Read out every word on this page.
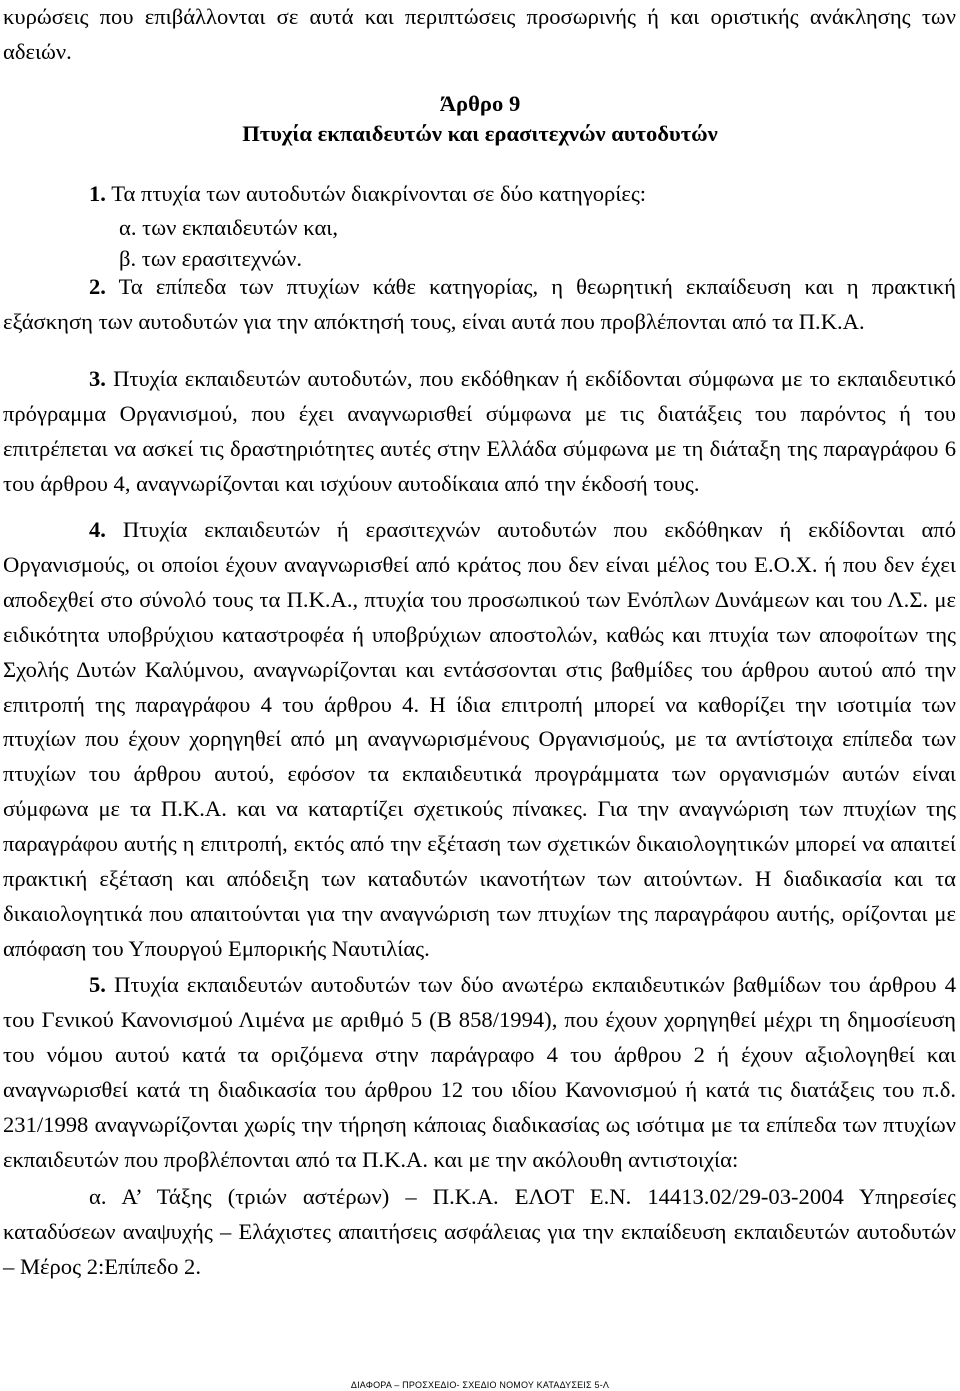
κυρώσεις που επιβάλλονται σε αυτά και περιπτώσεις προσωρινής ή και οριστικής ανάκλησης των αδειών.

Άρθρο 9

Πτυχία εκπαιδευτών και ερασιτεχνών αυτοδυτών

1. Τα πτυχία των αυτοδυτών διακρίνονται σε δύο κατηγορίες:

α. των εκπαιδευτών και,

β. των ερασιτεχνών.

2. Τα επίπεδα των πτυχίων κάθε κατηγορίας, η θεωρητική εκπαίδευση και η πρακτική εξάσκηση των αυτοδυτών για την απόκτησή τους, είναι αυτά που προβλέπονται από τα Π.Κ.Α.

3. Πτυχία εκπαιδευτών αυτοδυτών, που εκδόθηκαν ή εκδίδονται σύμφωνα με το εκπαιδευτικό πρόγραμμα Οργανισμού, που έχει αναγνωρισθεί σύμφωνα με τις διατάξεις του παρόντος ή του επιτρέπεται να ασκεί τις δραστηριότητες αυτές στην Ελλάδα σύμφωνα με τη διάταξη της παραγράφου 6 του άρθρου 4, αναγνωρίζονται και ισχύουν αυτοδίκαια από την έκδοσή τους.

4. Πτυχία εκπαιδευτών ή ερασιτεχνών αυτοδυτών που εκδόθηκαν ή εκδίδονται από Οργανισμούς, οι οποίοι έχουν αναγνωρισθεί από κράτος που δεν είναι μέλος του Ε.Ο.Χ. ή που δεν έχει αποδεχθεί στο σύνολό τους τα Π.Κ.Α., πτυχία του προσωπικού των Ενόπλων Δυνάμεων και του Λ.Σ. με ειδικότητα υποβρύχιου καταστροφέα ή υποβρύχιων αποστολών, καθώς και πτυχία των αποφοίτων της Σχολής Δυτών Καλύμνου, αναγνωρίζονται και εντάσσονται στις βαθμίδες του άρθρου αυτού από την επιτροπή της παραγράφου 4 του άρθρου 4. Η ίδια επιτροπή μπορεί να καθορίζει την ισοτιμία των πτυχίων που έχουν χορηγηθεί από μη αναγνωρισμένους Οργανισμούς, με τα αντίστοιχα επίπεδα των πτυχίων του άρθρου αυτού, εφόσον τα εκπαιδευτικά προγράμματα των οργανισμών αυτών είναι σύμφωνα με τα Π.Κ.Α. και να καταρτίζει σχετικούς πίνακες. Για την αναγνώριση των πτυχίων της παραγράφου αυτής η επιτροπή, εκτός από την εξέταση των σχετικών δικαιολογητικών μπορεί να απαιτεί πρακτική εξέταση και απόδειξη των καταδυτών ικανοτήτων των αιτούντων. Η διαδικασία και τα δικαιολογητικά που απαιτούνται για την αναγνώριση των πτυχίων της παραγράφου αυτής, ορίζονται με απόφαση του Υπουργού Εμπορικής Ναυτιλίας.

5. Πτυχία εκπαιδευτών αυτοδυτών των δύο ανωτέρω εκπαιδευτικών βαθμίδων του άρθρου 4 του Γενικού Κανονισμού Λιμένα με αριθμό 5 (Β 858/1994), που έχουν χορηγηθεί μέχρι τη δημοσίευση του νόμου αυτού κατά τα οριζόμενα στην παράγραφο 4 του άρθρου 2 ή έχουν αξιολογηθεί και αναγνωρισθεί κατά τη διαδικασία του άρθρου 12 του ιδίου Κανονισμού ή κατά τις διατάξεις του π.δ. 231/1998 αναγνωρίζονται χωρίς την τήρηση κάποιας διαδικασίας ως ισότιμα με τα επίπεδα των πτυχίων εκπαιδευτών που προβλέπονται από τα Π.Κ.Α. και με την ακόλουθη αντιστοιχία:

α. Α’ Τάξης (τριών αστέρων) – Π.Κ.Α. ΕΛΟΤ Ε.Ν. 14413.02/29-03-2004 Υπηρεσίες καταδύσεων αναψυχής – Ελάχιστες απαιτήσεις ασφάλειας για την εκπαίδευση εκπαιδευτών αυτοδυτών – Μέρος 2:Επίπεδο 2.

ΔΙΑΦΟΡΑ – ΠΡΟΣΧΕΔΙΟ- ΣΧΕΔΙΟ ΝΟΜΟΥ ΚΑΤΑΔΥΣΕΙΣ 5-Λ
